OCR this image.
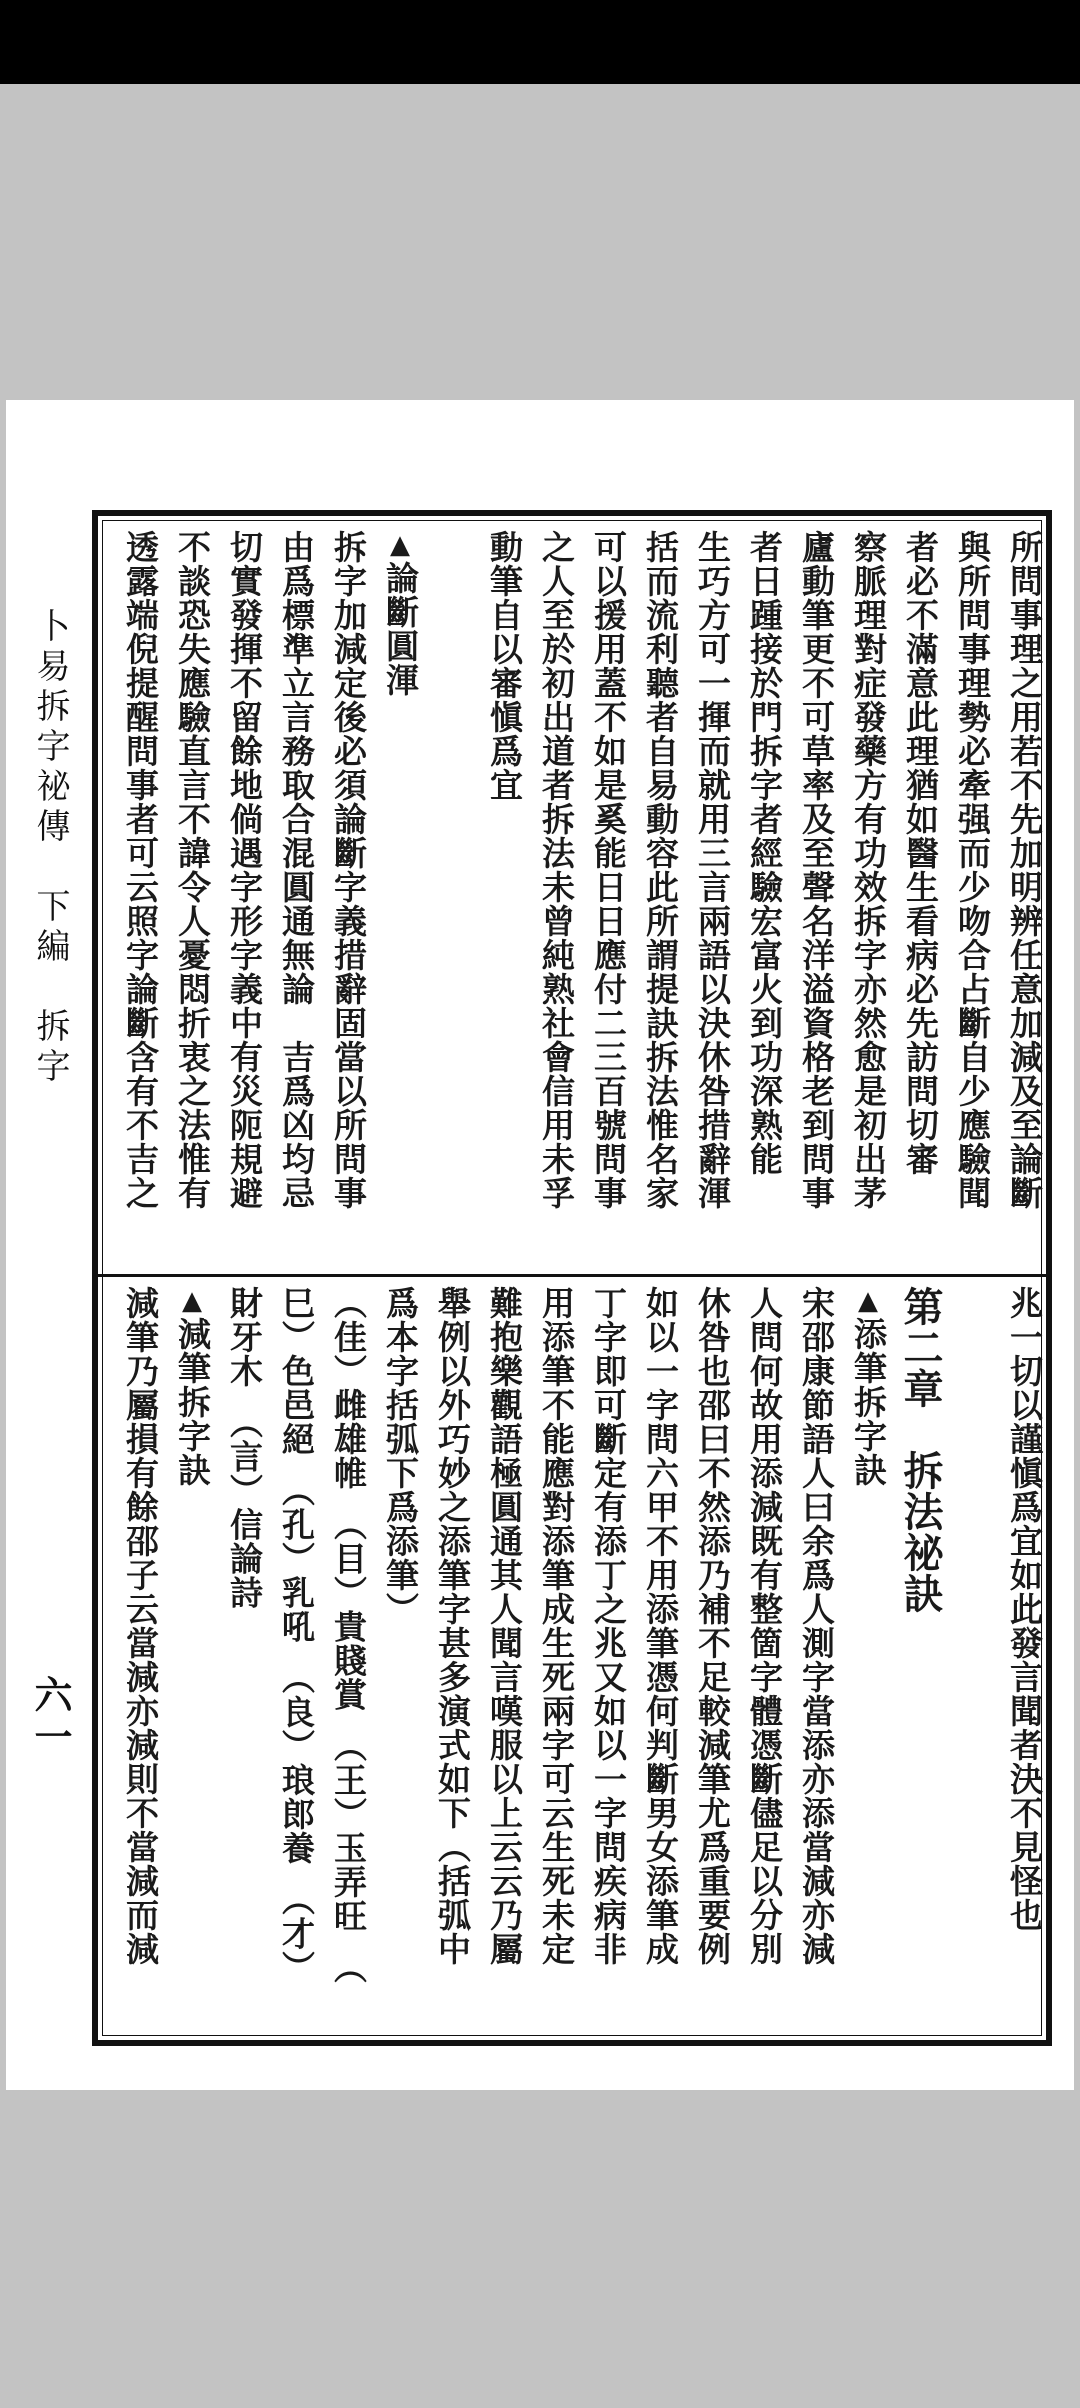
卜易拆字祕傳　下編　拆字
六一
所問事理之用若不先加明辨任意加減及至論斷
與所問事理勢必牽强而少吻合占斷自少應驗聞
者必不滿意此理猶如醫生看病必先訪問切審
察脈理對症發藥方有功效拆字亦然愈是初出茅
廬動筆更不可草率及至聲名洋溢資格老到問事
者日踵接於門拆字者經驗宏富火到功深熟能
生巧方可一揮而就用三言兩語以決休咎措辭渾
括而流利聽者自易動容此所謂提訣拆法惟名家
可以援用蓋不如是奚能日日應付二三百號問事
之人至於初出道者拆法未曾純熟社會信用未孚
動筆自以審愼爲宜

▲論斷圓渾
拆字加減定後必須論斷字義措辭固當以所問事
由爲標準立言務取合混圓通無論　吉爲凶均忌
切實發揮不留餘地倘遇字形字義中有災阨規避
不談恐失應驗直言不諱令人憂悶折衷之法惟有
透露端倪提醒問事者可云照字論斷含有不吉之
兆一切以謹愼爲宜如此發言聞者決不見怪也

第二章　拆法祕訣
▲添筆拆字訣
宋邵康節語人曰余爲人測字當添亦添當減亦減
人問何故用添減既有整箇字體憑斷儘足以分別
休咎也邵曰不然添乃補不足較減筆尤爲重要例
如以一字問六甲不用添筆憑何判斷男女添筆成
丁字即可斷定有添丁之兆又如以一字問疾病非
用添筆不能應對添筆成生死兩字可云生死未定
難抱樂觀語極圓通其人聞言嘆服以上云云乃屬
舉例以外巧妙之添筆字甚多演式如下（括弧中
爲本字括弧下爲添筆）
（佳）雌雄帷　（目）貴賤賞　（王）玉弄旺　（
巳）色邑絕　（孔）乳吼　（良）琅郎養　（才）
財牙木　（言）信論詩
▲減筆拆字訣
減筆乃屬損有餘邵子云當減亦減則不當減而減
